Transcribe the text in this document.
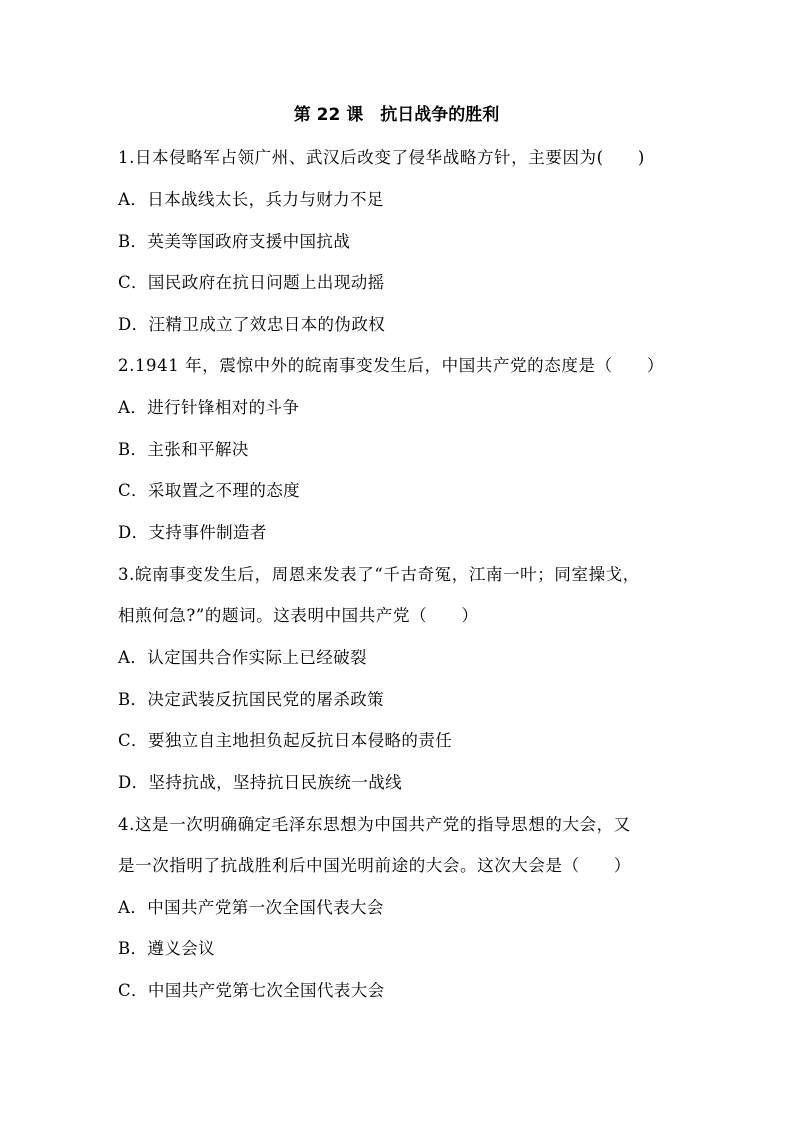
第 22 课　抗日战争的胜利
1.日本侵略军占领广州、武汉后改变了侵华战略方针，主要因为(　　)
A．日本战线太长，兵力与财力不足
B．英美等国政府支援中国抗战
C．国民政府在抗日问题上出现动摇
D．汪精卫成立了效忠日本的伪政权
2.1941 年，震惊中外的皖南事变发生后，中国共产党的态度是（　　）
A．进行针锋相对的斗争
B．主张和平解决
C．采取置之不理的态度
D．支持事件制造者
3.皖南事变发生后，周恩来发表了“千古奇冤，江南一叶；同室操戈，
相煎何急?”的题词。这表明中国共产党（　　）
A．认定国共合作实际上已经破裂
B．决定武装反抗国民党的屠杀政策
C．要独立自主地担负起反抗日本侵略的责任
D．坚持抗战，坚持抗日民族统一战线
4.这是一次明确确定毛泽东思想为中国共产党的指导思想的大会，又
是一次指明了抗战胜利后中国光明前途的大会。这次大会是（　　）
A．中国共产党第一次全国代表大会
B．遵义会议
C．中国共产党第七次全国代表大会
